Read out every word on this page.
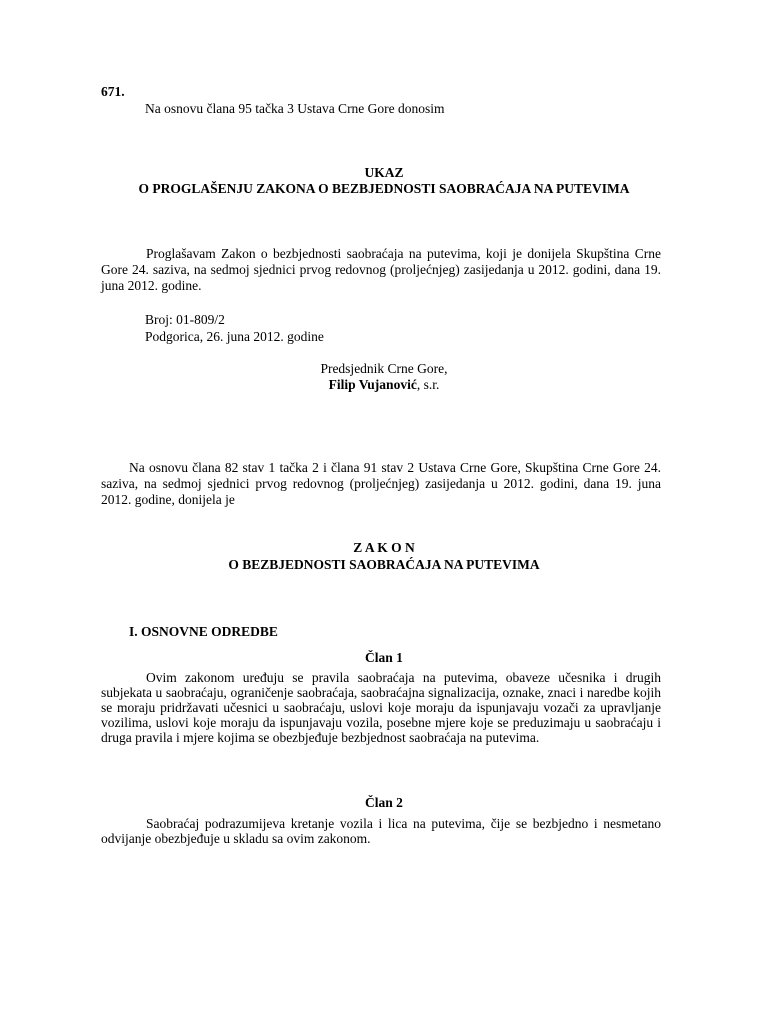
671.
Na osnovu člana 95 tačka 3 Ustava Crne Gore donosim
UKAZ
O PROGLAŠENJU ZAKONA O BEZBJEDNOSTI SAOBRAĆAJA NA PUTEVIMA
Proglašavam Zakon o bezbjednosti saobraćaja na putevima, koji je donijela Skupština Crne Gore 24. saziva, na sedmoj sjednici prvog redovnog (proljećnjeg) zasijedanja u 2012. godini, dana 19. juna 2012. godine.
Broj: 01-809/2
Podgorica, 26. juna 2012. godine
Predsjednik Crne Gore,
Filip Vujanović, s.r.
Na osnovu člana 82 stav 1 tačka 2 i člana 91 stav 2 Ustava Crne Gore, Skupština Crne Gore 24. saziva, na sedmoj sjednici prvog redovnog (proljećnjeg) zasijedanja u 2012. godini, dana 19. juna 2012. godine, donijela je
Z A K O N
O BEZBJEDNOSTI SAOBRAĆAJA NA PUTEVIMA
I. OSNOVNE ODREDBE
Član 1
Ovim zakonom uređuju se pravila saobraćaja na putevima, obaveze učesnika i drugih subjekata u saobraćaju, ograničenje saobraćaja, saobraćajna signalizacija, oznake, znaci i naredbe kojih se moraju pridržavati učesnici u saobraćaju, uslovi koje moraju da ispunjavaju vozači za upravljanje vozilima, uslovi koje moraju da ispunjavaju vozila, posebne mjere koje se preduzimaju u saobraćaju i druga pravila i mjere kojima se obezbjeđuje bezbjednost saobraćaja na putevima.
Član 2
Saobraćaj podrazumijeva kretanje vozila i lica na putevima, čije se bezbjedno i nesmetano odvijanje obezbjeđuje u skladu sa ovim zakonom.
